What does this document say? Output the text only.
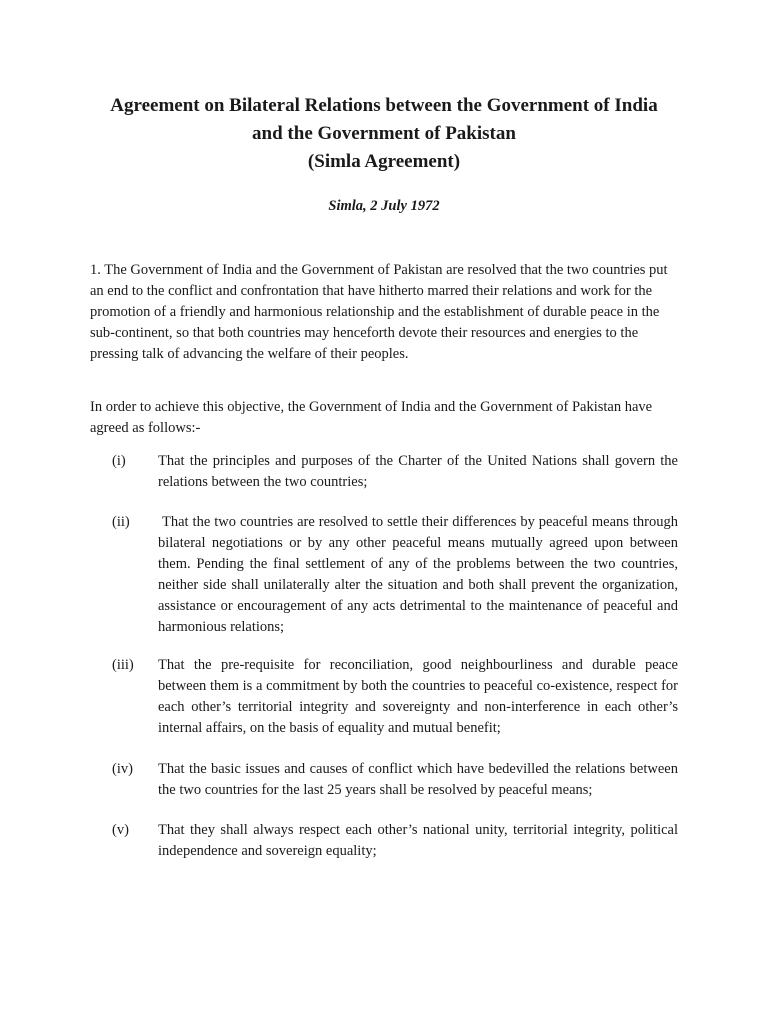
Agreement on Bilateral Relations between the Government of India
and the Government of Pakistan
(Simla Agreement)

Simla, 2 July 1972

1. The Government of India and the Government of Pakistan are resolved that the two countries put an end to the conflict and confrontation that have hitherto marred their relations and work for the promotion of a friendly and harmonious relationship and the establishment of durable peace in the sub-continent, so that both countries may henceforth devote their resources and energies to the pressing talk of advancing the welfare of their peoples.

In order to achieve this objective, the Government of India and the Government of Pakistan have agreed as follows:-

(i) That the principles and purposes of the Charter of the United Nations shall govern the relations between the two countries;

(ii) That the two countries are resolved to settle their differences by peaceful means through bilateral negotiations or by any other peaceful means mutually agreed upon between them. Pending the final settlement of any of the problems between the two countries, neither side shall unilaterally alter the situation and both shall prevent the organization, assistance or encouragement of any acts detrimental to the maintenance of peaceful and harmonious relations;

(iii) That the pre-requisite for reconciliation, good neighbourliness and durable peace between them is a commitment by both the countries to peaceful co-existence, respect for each other’s territorial integrity and sovereignty and non-interference in each other’s internal affairs, on the basis of equality and mutual benefit;

(iv) That the basic issues and causes of conflict which have bedevilled the relations between the two countries for the last 25 years shall be resolved by peaceful means;

(v) That they shall always respect each other’s national unity, territorial integrity, political independence and sovereign equality;
